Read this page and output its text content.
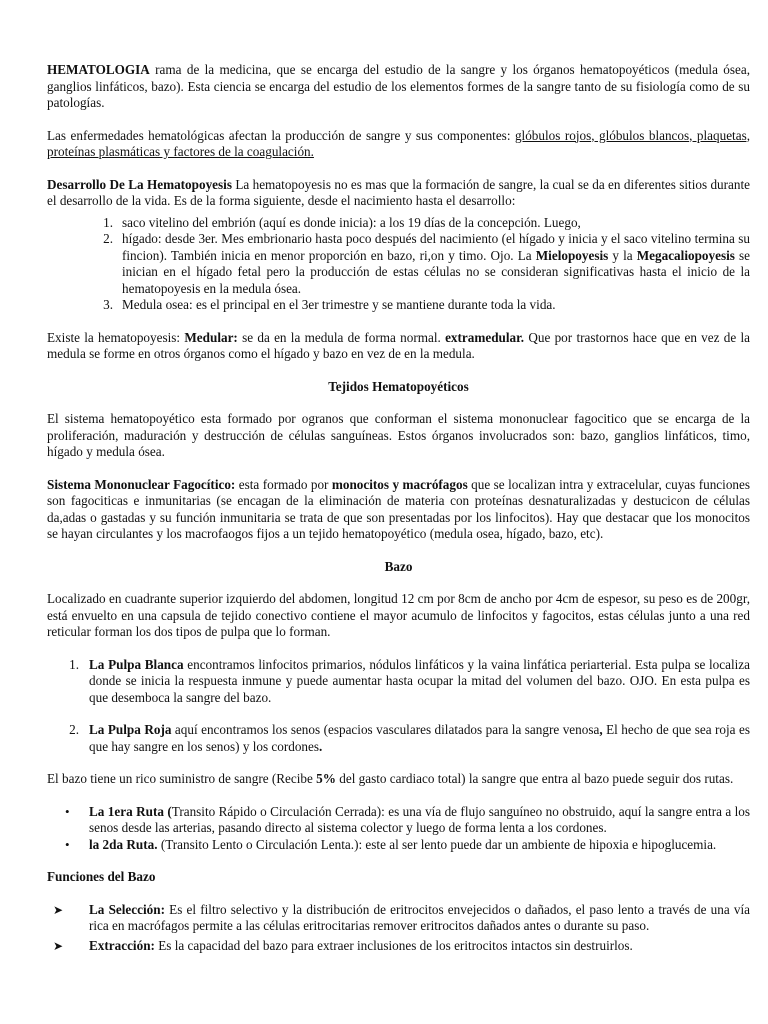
HEMATOLOGIA rama de la medicina, que se encarga del estudio de la sangre y los órganos hematopoyéticos (medula ósea, ganglios linfáticos, bazo). Esta ciencia se encarga del estudio de los elementos formes de la sangre tanto de su fisiología como de su patologías.

Las enfermedades hematológicas afectan la producción de sangre y sus componentes: glóbulos rojos, glóbulos blancos, plaquetas, proteínas plasmáticas y factores de la coagulación.

Desarrollo De La Hematopoyesis La hematopoyesis no es mas que la formación de sangre, la cual se da en diferentes sitios durante el desarrollo de la vida. Es de la forma siguiente, desde el nacimiento hasta el desarrollo:

1. saco vitelino del embrión (aquí es donde inicia): a los 19 días de la concepción. Luego,
2. hígado: desde 3er. Mes embrionario hasta poco después del nacimiento (el hígado y inicia y el saco vitelino termina su fincion). También inicia en menor proporción en bazo, ri,on y timo. Ojo. La Mielopoyesis y la Megacaliopoyesis se inician en el hígado fetal pero la producción de estas células no se consideran significativas hasta el inicio de la hematopoyesis en la medula ósea.
3. Medula osea: es el principal en el 3er trimestre y se mantiene durante toda la vida.

Existe la hematopoyesis: Medular: se da en la medula de forma normal. extramedular. Que por trastornos hace que en vez de la medula se forme en otros órganos como el hígado y bazo en vez de en la medula.

Tejidos Hematopoyéticos

El sistema hematopoyético esta formado por ogranos que conforman el sistema mononuclear fagocitico que se encarga de la proliferación, maduración y destrucción de células sanguíneas. Estos órganos involucrados son: bazo, ganglios linfáticos, timo, hígado y medula ósea.

Sistema Mononuclear Fagocítico: esta formado por monocitos y macrófagos que se localizan intra y extracelular, cuyas funciones son fagociticas e inmunitarias (se encagan de la eliminación de materia con proteínas desnaturalizadas y destucicon de células da,adas o gastadas y su función inmunitaria se trata de que son presentadas por los linfocitos). Hay que destacar que los monocitos se hayan circulantes y los macrofaogos fijos a un tejido hematopoyético (medula osea, hígado, bazo, etc).

Bazo

Localizado en cuadrante superior izquierdo del abdomen, longitud 12 cm por 8cm de ancho por 4cm de espesor, su peso es de 200gr, está envuelto en una capsula de tejido conectivo contiene el mayor acumulo de linfocitos y fagocitos, estas células junto a una red reticular forman los dos tipos de pulpa que lo forman.

1. La Pulpa Blanca encontramos linfocitos primarios, nódulos linfáticos y la vaina linfática periarterial. Esta pulpa se localiza donde se inicia la respuesta inmune y puede aumentar hasta ocupar la mitad del volumen del bazo. OJO. En esta pulpa es que desemboca la sangre del bazo.
2. La Pulpa Roja aquí encontramos los senos (espacios vasculares dilatados para la sangre venosa, El hecho de que sea roja es que hay sangre en los senos) y los cordones.

El bazo tiene un rico suministro de sangre (Recibe 5% del gasto cardiaco total) la sangre que entra al bazo puede seguir dos rutas.

• La 1era Ruta (Transito Rápido o Circulación Cerrada): es una vía de flujo sanguíneo no obstruido, aquí la sangre entra a los senos desde las arterias, pasando directo al sistema colector y luego de forma lenta a los cordones.
• la 2da Ruta. (Transito Lento o Circulación Lenta.): este al ser lento puede dar un ambiente de hipoxia e hipoglucemia.

Funciones del Bazo

➤ La Selección: Es el filtro selectivo y la distribución de eritrocitos envejecidos o dañados, el paso lento a través de una vía rica en macrófagos permite a las células eritrocitarias remover eritrocitos dañados antes o durante su paso.
➤ Extracción: Es la capacidad del bazo para extraer inclusiones de los eritrocitos intactos sin destruirlos.
